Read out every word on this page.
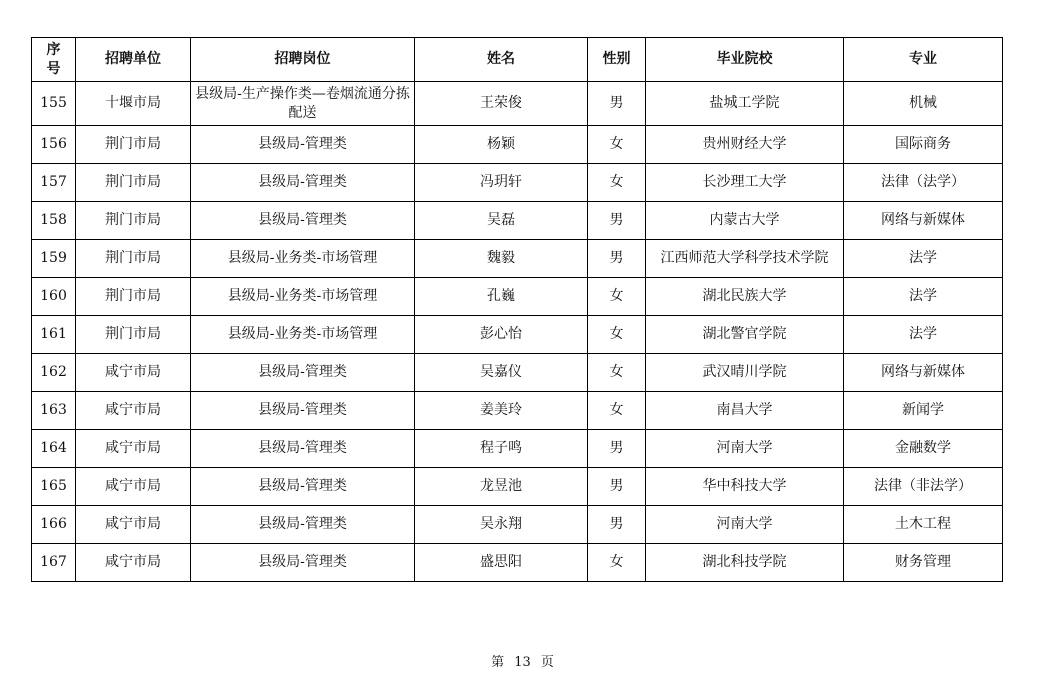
序
号	招聘单位	招聘岗位	姓名	性别	毕业院校	专业
155	十堰市局	县级局-生产操作类—卷烟流通分拣配送	王荣俊	男	盐城工学院	机械
156	荆门市局	县级局-管理类	杨颖	女	贵州财经大学	国际商务
157	荆门市局	县级局-管理类	冯玥轩	女	长沙理工大学	法律（法学）
158	荆门市局	县级局-管理类	吴磊	男	内蒙古大学	网络与新媒体
159	荆门市局	县级局-业务类-市场管理	魏毅	男	江西师范大学科学技术学院	法学
160	荆门市局	县级局-业务类-市场管理	孔巍	女	湖北民族大学	法学
161	荆门市局	县级局-业务类-市场管理	彭心怡	女	湖北警官学院	法学
162	咸宁市局	县级局-管理类	吴嘉仪	女	武汉晴川学院	网络与新媒体
163	咸宁市局	县级局-管理类	姜美玲	女	南昌大学	新闻学
164	咸宁市局	县级局-管理类	程子鸣	男	河南大学	金融数学
165	咸宁市局	县级局-管理类	龙昱池	男	华中科技大学	法律（非法学）
166	咸宁市局	县级局-管理类	吴永翔	男	河南大学	土木工程
167	咸宁市局	县级局-管理类	盛思阳	女	湖北科技学院	财务管理
第 13 页
